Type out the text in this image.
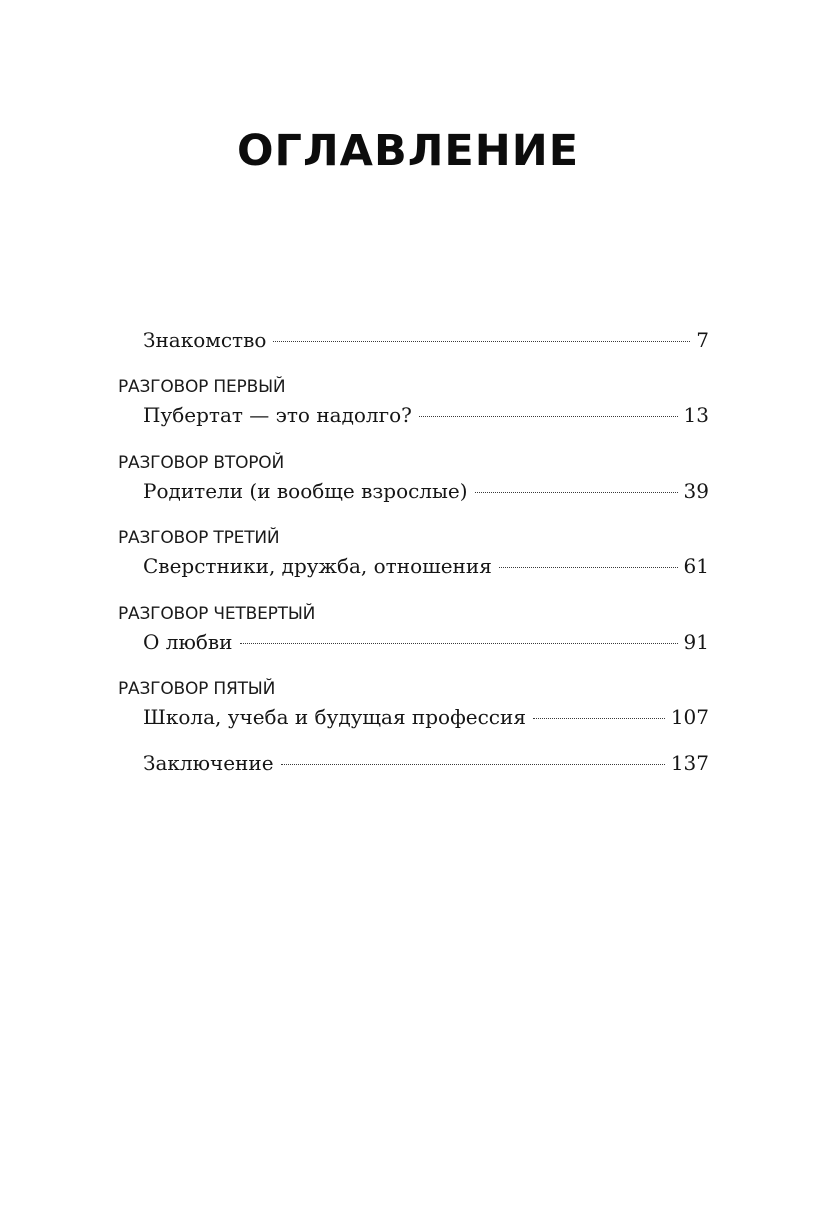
ОГЛАВЛЕНИЕ
Знакомство	7
РАЗГОВОР ПЕРВЫЙ
Пубертат — это надолго?	13
РАЗГОВОР ВТОРОЙ
Родители (и вообще взрослые)	39
РАЗГОВОР ТРЕТИЙ
Сверстники, дружба, отношения	61
РАЗГОВОР ЧЕТВЕРТЫЙ
О любви	91
РАЗГОВОР ПЯТЫЙ
Школа, учеба и будущая профессия	107
Заключение	137
